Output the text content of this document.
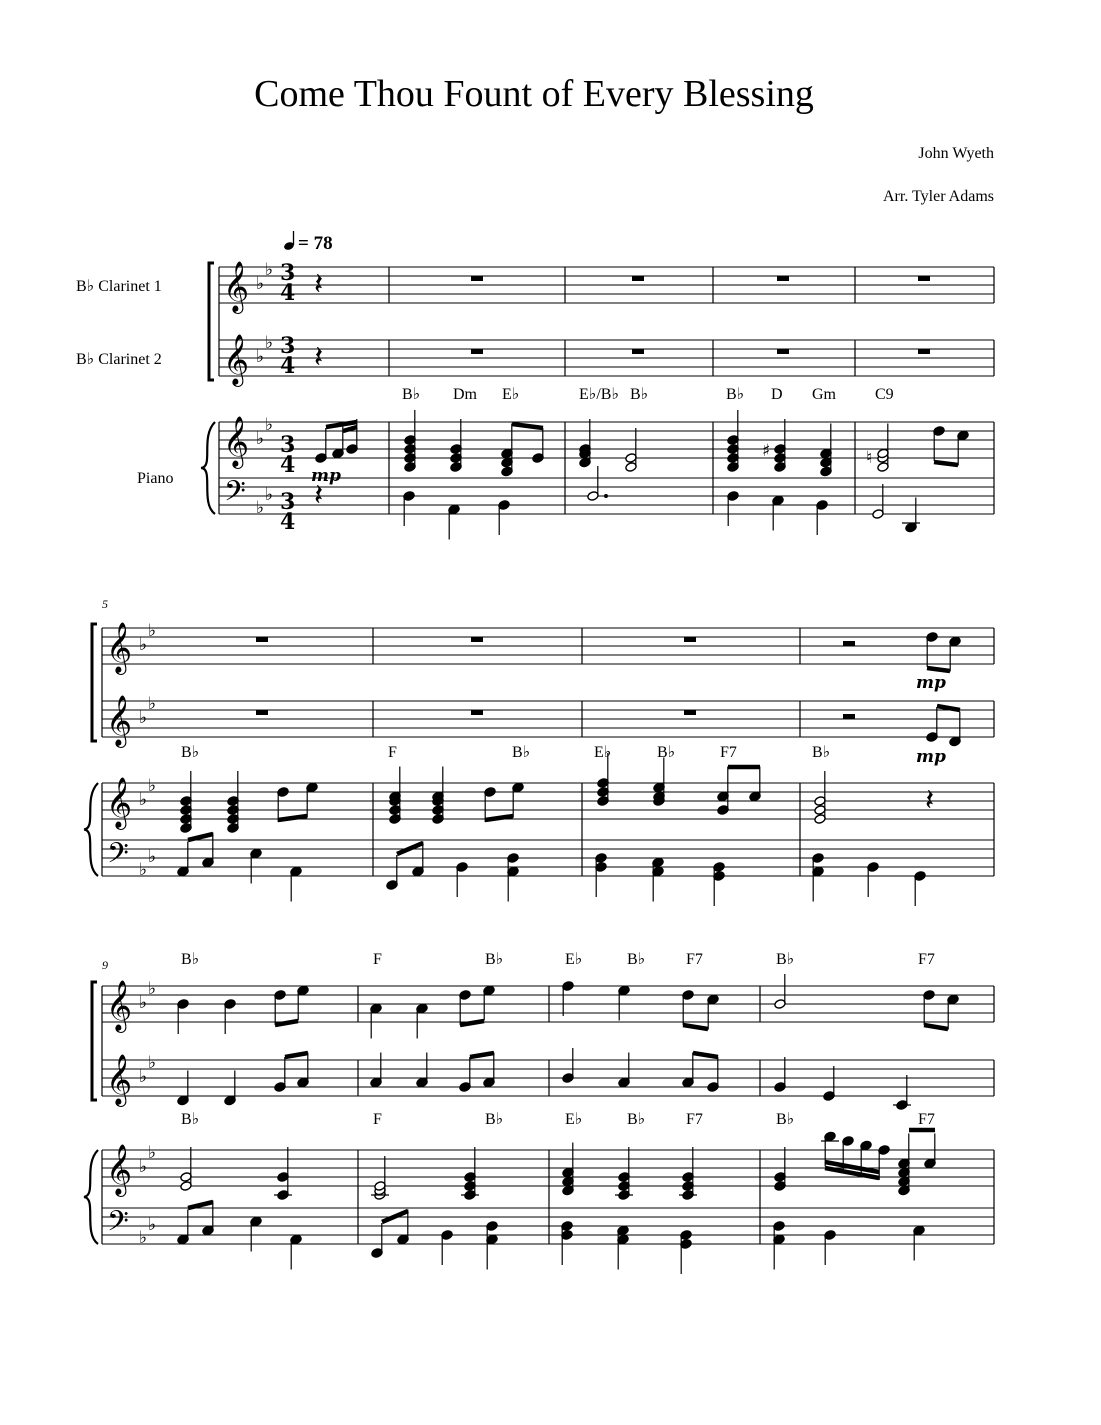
Come Thou Fount of Every Blessing
John Wyeth
Arr. Tyler Adams
= 78
B♭ Clarinet 1
B♭ Clarinet 2
Piano
5
9
B♭ Dm E♭	E♭/B♭ B♭	B♭ D Gm C9
B♭	F	B♭	E♭	B♭	F7	B♭
B♭	F	B♭	E♭	B♭	F7	B♭	F7
B♭	F	B♭	E♭	B♭	F7	B♭	F7
mp
mp
mp
3
4
3
4
3
4
3
4
𝄞 ♭
♭
𝄞 ♭
♭
𝄞 ♭
♭
𝄢 ♭
♭
𝄞 ♭
♭
𝄞 ♭
♭
𝄞 ♭
♭
𝄢 ♭
♭
𝄞 ♭
♭
𝄞 ♭
♭
𝄞 ♭
♭
𝄢 ♭
♭
𝄽
𝄽
𝄽
♯	♮
𝄽
